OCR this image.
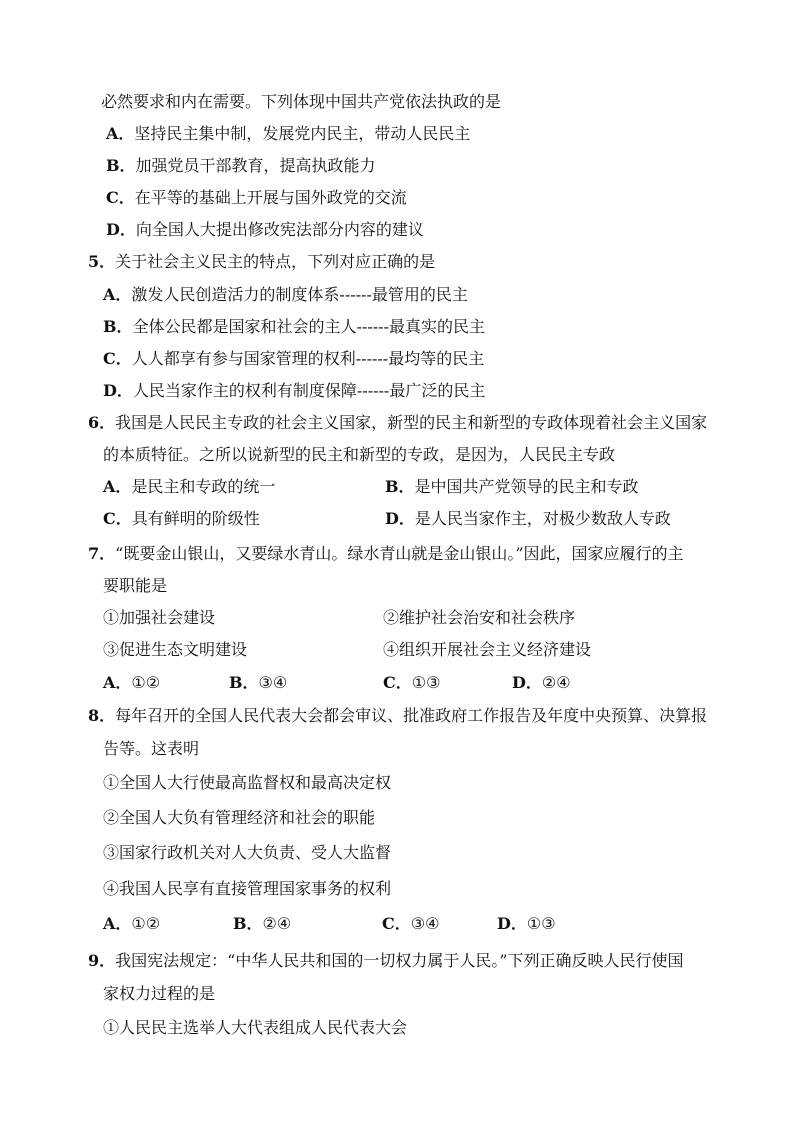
必然要求和内在需要。下列体现中国共产党依法执政的是
A．坚持民主集中制，发展党内民主，带动人民民主
B．加强党员干部教育，提高执政能力
C．在平等的基础上开展与国外政党的交流
D．向全国人大提出修改宪法部分内容的建议
5．关于社会主义民主的特点，下列对应正确的是
A．激发人民创造活力的制度体系------最管用的民主
B．全体公民都是国家和社会的主人------最真实的民主
C．人人都享有参与国家管理的权利------最均等的民主
D．人民当家作主的权利有制度保障------最广泛的民主
6．我国是人民民主专政的社会主义国家，新型的民主和新型的专政体现着社会主义国家
的本质特征。之所以说新型的民主和新型的专政，是因为，人民民主专政
A．是民主和专政的统一	B．是中国共产党领导的民主和专政
C．具有鲜明的阶级性	D．是人民当家作主，对极少数敌人专政
7．“既要金山银山，又要绿水青山。绿水青山就是金山银山。”因此，国家应履行的主
要职能是
①加强社会建设	②维护社会治安和社会秩序
③促进生态文明建设	④组织开展社会主义经济建设
A．①②	B．③④	C．①③	D．②④
8．每年召开的全国人民代表大会都会审议、批准政府工作报告及年度中央预算、决算报
告等。这表明
①全国人大行使最高监督权和最高决定权
②全国人大负有管理经济和社会的职能
③国家行政机关对人大负责、受人大监督
④我国人民享有直接管理国家事务的权利
A．①②	B．②④	C．③④	D．①③
9．我国宪法规定：“中华人民共和国的一切权力属于人民。”下列正确反映人民行使国
家权力过程的是
①人民民主选举人大代表组成人民代表大会
